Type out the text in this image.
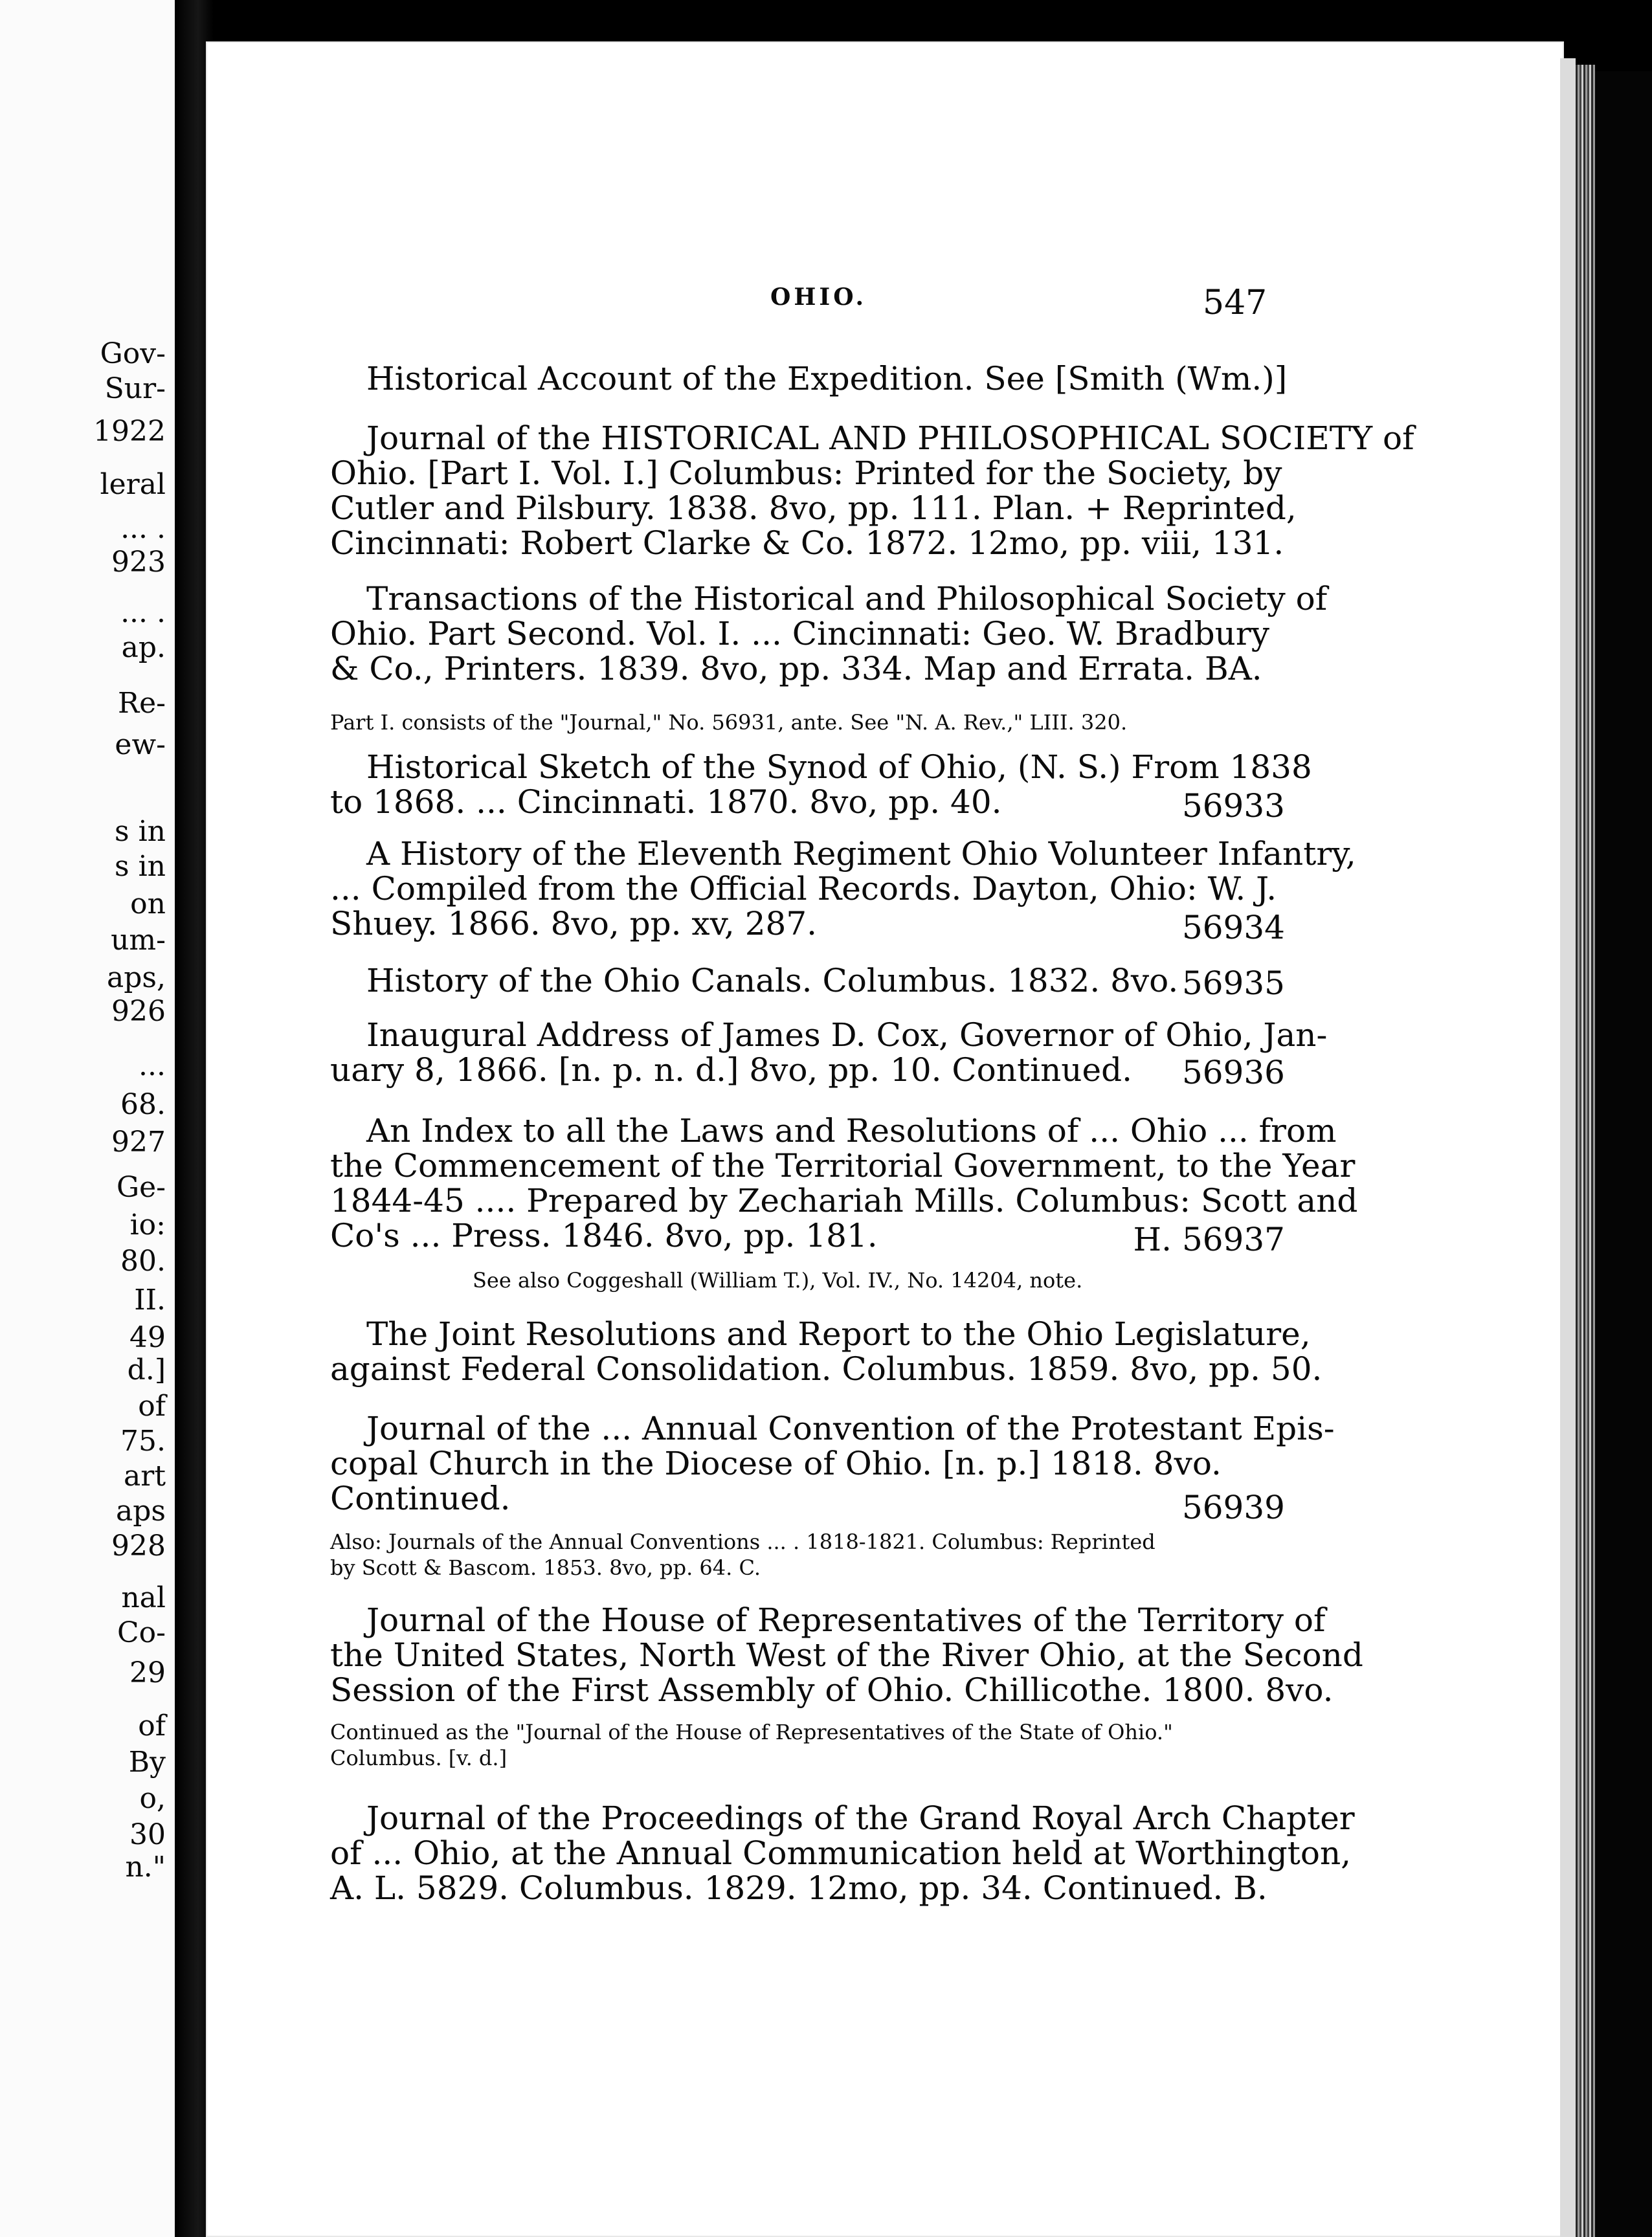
Gov-
Sur-
1922
leral
... .
923
... .
ap.
Re-
ew-
s in
s in
on
um-
aps,
926
...
68.
927
Ge-
io:
80.
II.
49
d.]
of
75.
art
aps
928
nal
Co-
29
of
By
o,
30
n."
OHIO.	547
Historical Account of the Expedition. See [Smith (Wm.)]
Journal of the HISTORICAL AND PHILOSOPHICAL SOCIETY of
Ohio. [Part I. Vol. I.] Columbus: Printed for the Society, by
Cutler and Pilsbury. 1838. 8vo, pp. 111. Plan. + Reprinted,
Cincinnati: Robert Clarke & Co. 1872. 12mo, pp. viii, 131.
Transactions of the Historical and Philosophical Society of
Ohio. Part Second. Vol. I. ... Cincinnati: Geo. W. Bradbury
& Co., Printers. 1839. 8vo, pp. 334. Map and Errata. BA.
Part I. consists of the "Journal," No. 56931, ante. See "N. A. Rev.," LIII. 320.
Historical Sketch of the Synod of Ohio, (N. S.) From 1838
to 1868. ... Cincinnati. 1870. 8vo, pp. 40.	56933
A History of the Eleventh Regiment Ohio Volunteer Infantry,
... Compiled from the Official Records. Dayton, Ohio: W. J.
Shuey. 1866. 8vo, pp. xv, 287.	56934
History of the Ohio Canals. Columbus. 1832. 8vo. 56935
Inaugural Address of James D. Cox, Governor of Ohio, Jan-
uary 8, 1866. [n. p. n. d.] 8vo, pp. 10. Continued.	56936
An Index to all the Laws and Resolutions of ... Ohio ... from
the Commencement of the Territorial Government, to the Year
1844-45 .... Prepared by Zechariah Mills. Columbus: Scott and
Co's ... Press. 1846. 8vo, pp. 181.	H. 56937
See also Coggeshall (William T.), Vol. IV., No. 14204, note.
The Joint Resolutions and Report to the Ohio Legislature,
against Federal Consolidation. Columbus. 1859. 8vo, pp. 50.
Journal of the ... Annual Convention of the Protestant Epis-
copal Church in the Diocese of Ohio. [n. p.] 1818. 8vo.
Continued.	56939
Also: Journals of the Annual Conventions ... . 1818-1821. Columbus: Reprinted
by Scott & Bascom. 1853. 8vo, pp. 64. C.
Journal of the House of Representatives of the Territory of
the United States, North West of the River Ohio, at the Second
Session of the First Assembly of Ohio. Chillicothe. 1800. 8vo.
Continued as the "Journal of the House of Representatives of the State of Ohio."
Columbus. [v. d.]
Journal of the Proceedings of the Grand Royal Arch Chapter
of ... Ohio, at the Annual Communication held at Worthington,
A. L. 5829. Columbus. 1829. 12mo, pp. 34. Continued. B.
